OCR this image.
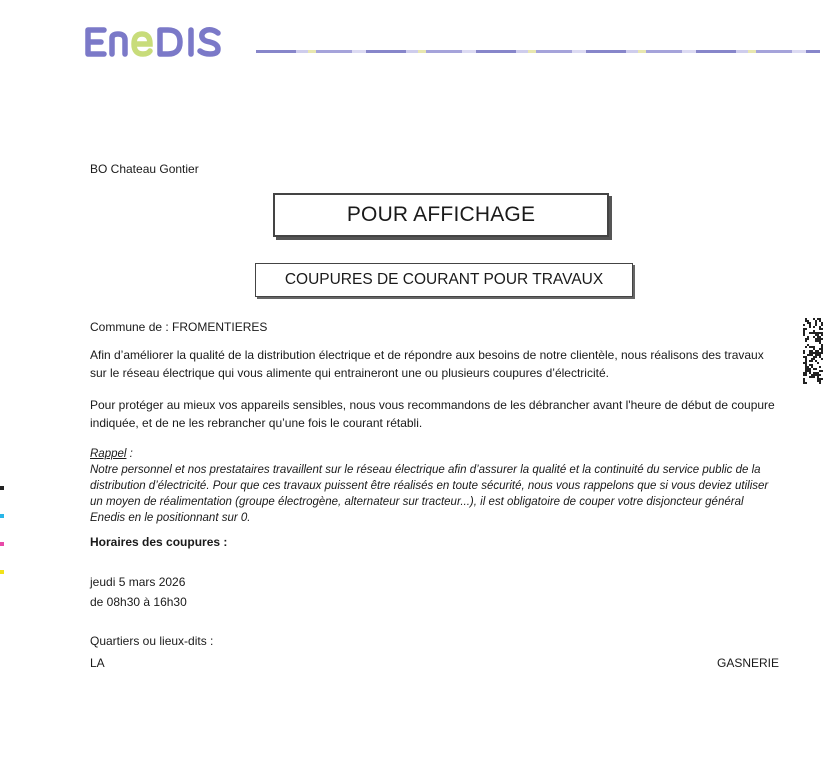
BO Chateau Gontier
POUR AFFICHAGE
COUPURES DE COURANT POUR TRAVAUX
Commune de : FROMENTIERES
Afin d’améliorer la qualité de la distribution électrique et de répondre aux besoins de notre clientèle, nous réalisons des travaux sur le réseau électrique qui vous alimente qui entraineront une ou plusieurs coupures d’électricité.
Pour protéger au mieux vos appareils sensibles, nous vous recommandons de les débrancher avant l'heure de début de coupure indiquée, et de ne les rebrancher qu’une fois le courant rétabli.
Rappel :
Notre personnel et nos prestataires travaillent sur le réseau électrique afin d’assurer la qualité et la continuité du service public de la distribution d’électricité. Pour que ces travaux puissent être réalisés en toute sécurité, nous vous rappelons que si vous deviez utiliser un moyen de réalimentation (groupe électrogène, alternateur sur tracteur...), il est obligatoire de couper votre disjoncteur général Enedis en le positionnant sur 0.
Horaires des coupures :
jeudi 5 mars 2026
de 08h30 à 16h30
Quartiers ou lieux-dits :
LA	GASNERIE
